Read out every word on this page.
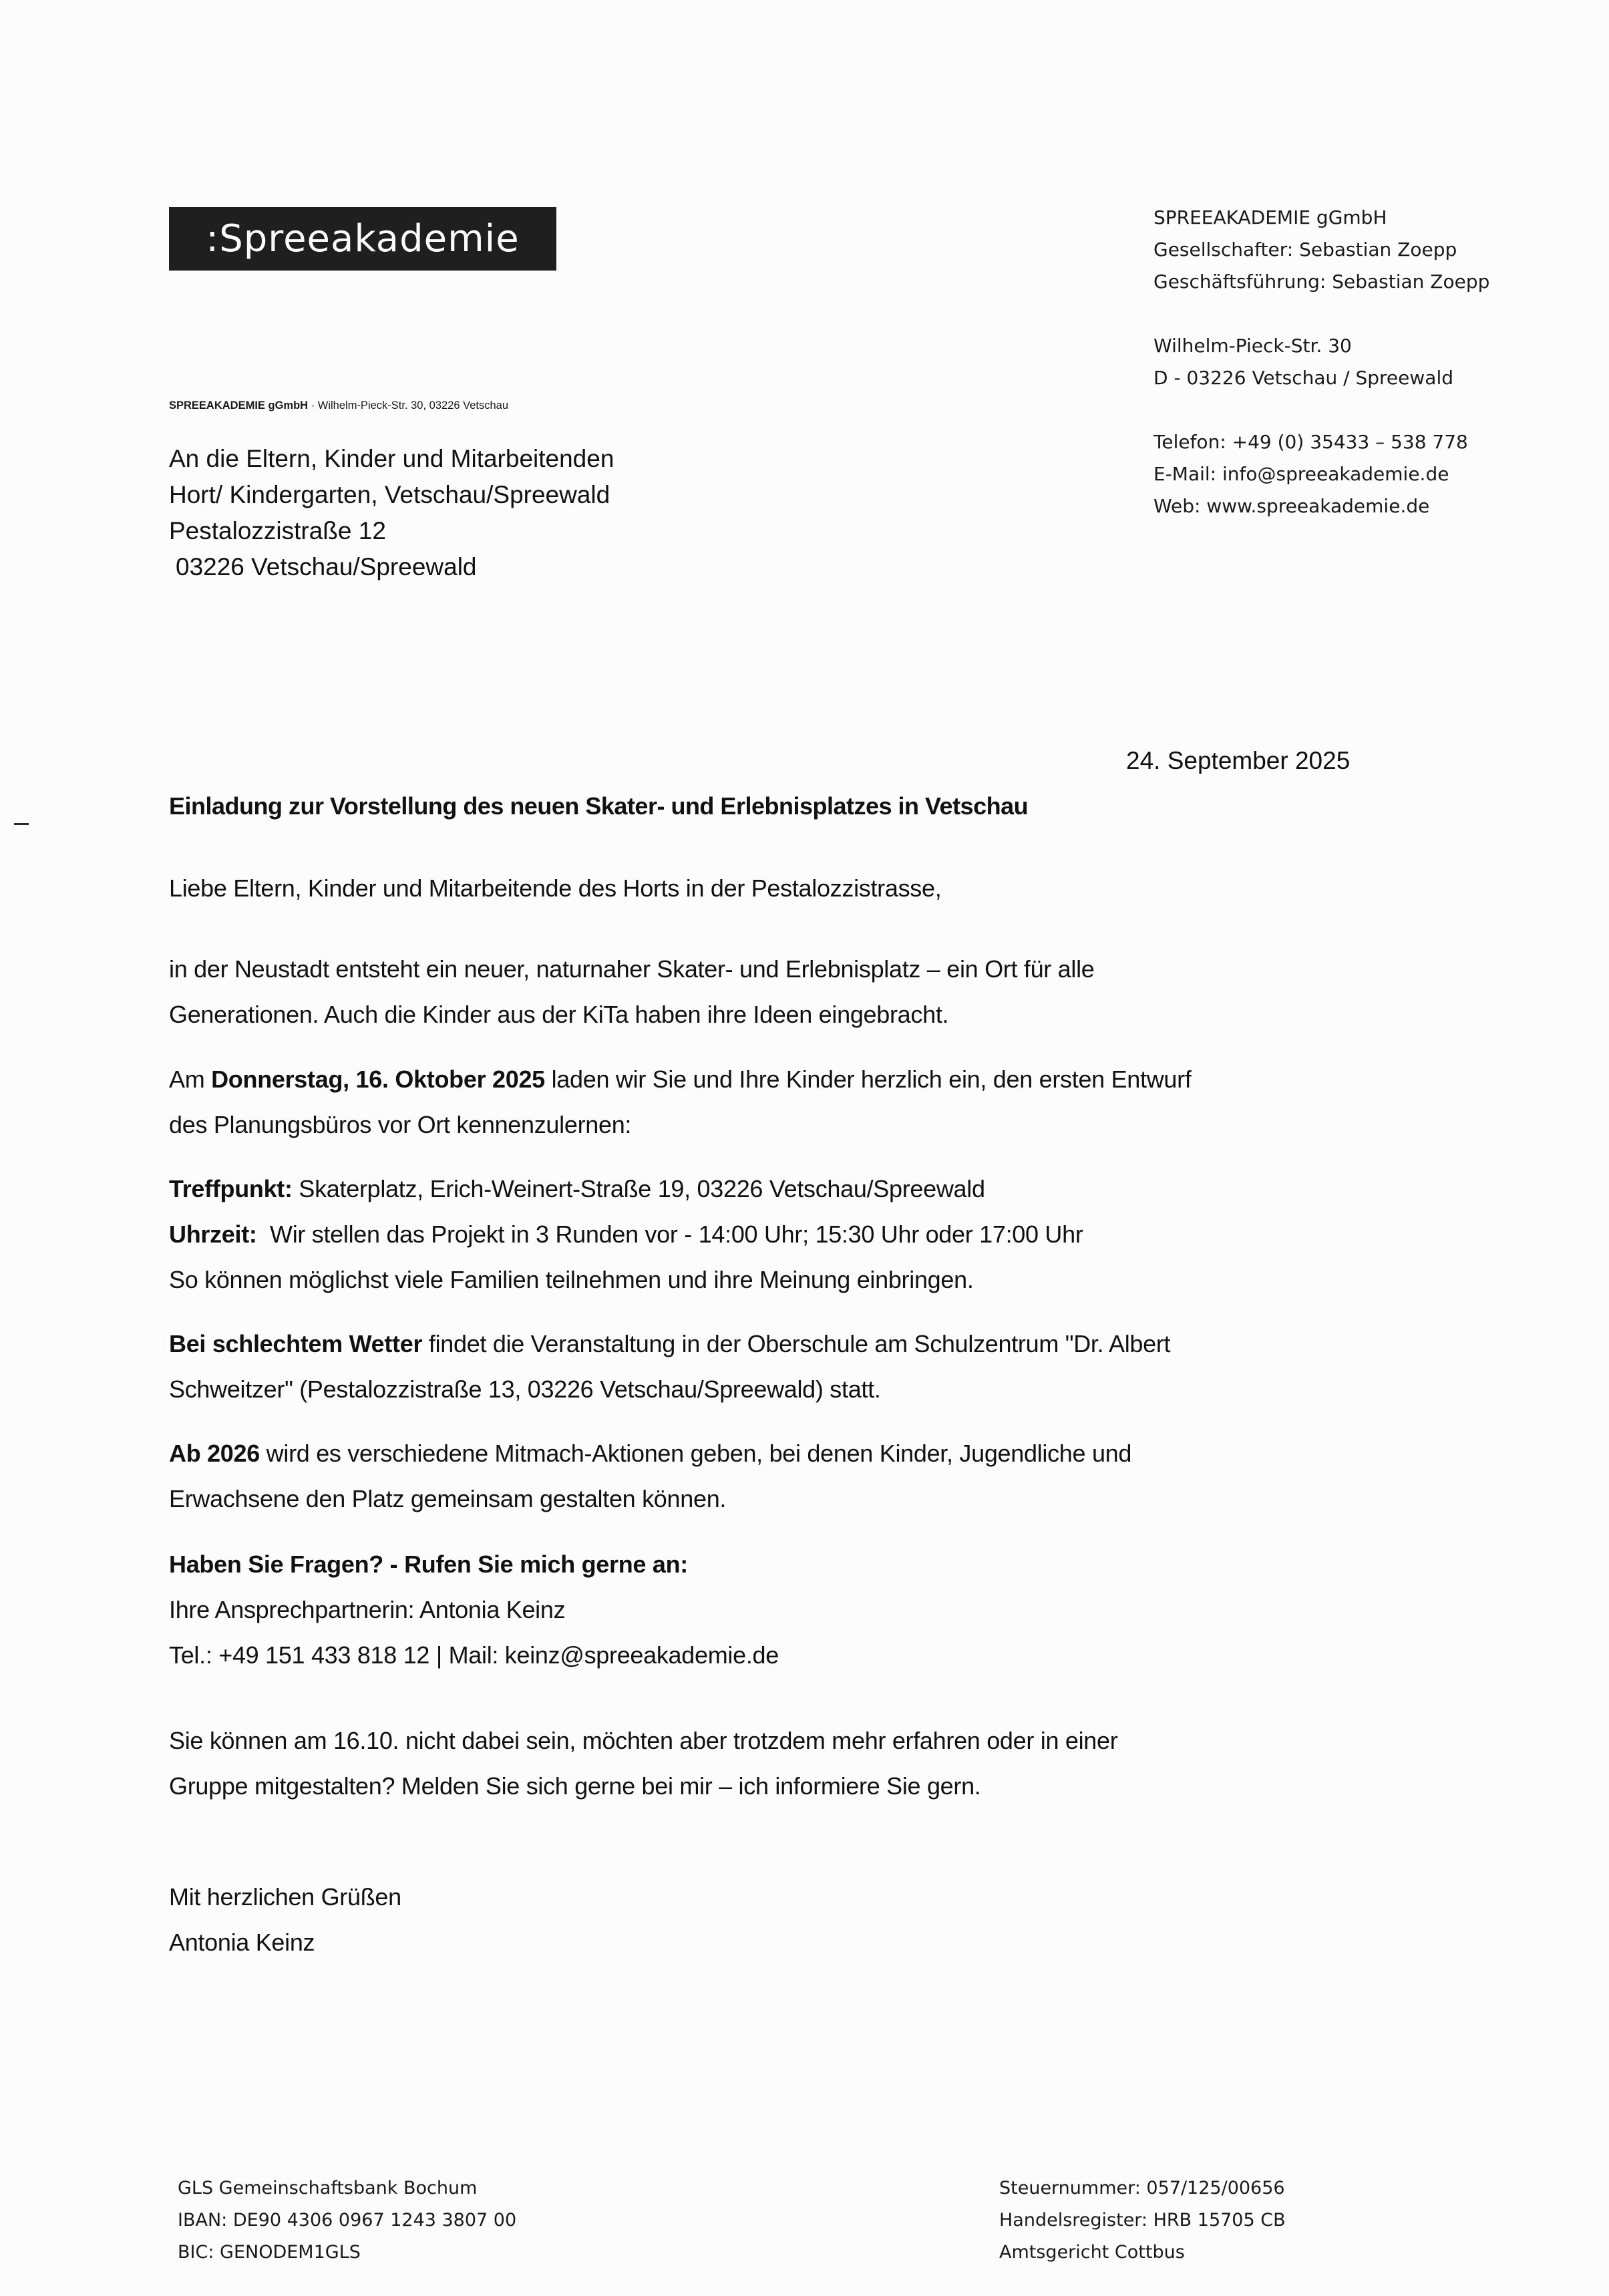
:Spreeakademie	SPREEAKADEMIE gGmbH
Gesellschafter: Sebastian Zoepp
Geschäftsführung: Sebastian Zoepp
Wilhelm-Pieck-Str. 30
D - 03226 Vetschau / Spreewald
Telefon: +49 (0) 35433 – 538 778
E-Mail: info@spreeakademie.de
Web: www.spreeakademie.de
SPREEAKADEMIE gGmbH · Wilhelm-Pieck-Str. 30, 03226 Vetschau
An die Eltern, Kinder und Mitarbeitenden
Hort/ Kindergarten, Vetschau/Spreewald
Pestalozzistraße 12
03226 Vetschau/Spreewald
24. September 2025
Einladung zur Vorstellung des neuen Skater- und Erlebnisplatzes in Vetschau
Liebe Eltern, Kinder und Mitarbeitende des Horts in der Pestalozzistrasse,
in der Neustadt entsteht ein neuer, naturnaher Skater- und Erlebnisplatz – ein Ort für alle
Generationen. Auch die Kinder aus der KiTa haben ihre Ideen eingebracht.
Am Donnerstag, 16. Oktober 2025 laden wir Sie und Ihre Kinder herzlich ein, den ersten Entwurf
des Planungsbüros vor Ort kennenzulernen:
Treffpunkt: Skaterplatz, Erich-Weinert-Straße 19, 03226 Vetschau/Spreewald
Uhrzeit:  Wir stellen das Projekt in 3 Runden vor - 14:00 Uhr; 15:30 Uhr oder 17:00 Uhr
So können möglichst viele Familien teilnehmen und ihre Meinung einbringen.
Bei schlechtem Wetter findet die Veranstaltung in der Oberschule am Schulzentrum "Dr. Albert
Schweitzer" (Pestalozzistraße 13, 03226 Vetschau/Spreewald) statt.
Ab 2026 wird es verschiedene Mitmach-Aktionen geben, bei denen Kinder, Jugendliche und
Erwachsene den Platz gemeinsam gestalten können.
Haben Sie Fragen? - Rufen Sie mich gerne an:
Ihre Ansprechpartnerin: Antonia Keinz
Tel.: +49 151 433 818 12 | Mail: keinz@spreeakademie.de
Sie können am 16.10. nicht dabei sein, möchten aber trotzdem mehr erfahren oder in einer
Gruppe mitgestalten? Melden Sie sich gerne bei mir – ich informiere Sie gern.
Mit herzlichen Grüßen
Antonia Keinz
GLS Gemeinschaftsbank Bochum
IBAN: DE90 4306 0967 1243 3807 00
BIC: GENODEM1GLS
Steuernummer: 057/125/00656
Handelsregister: HRB 15705 CB
Amtsgericht Cottbus
